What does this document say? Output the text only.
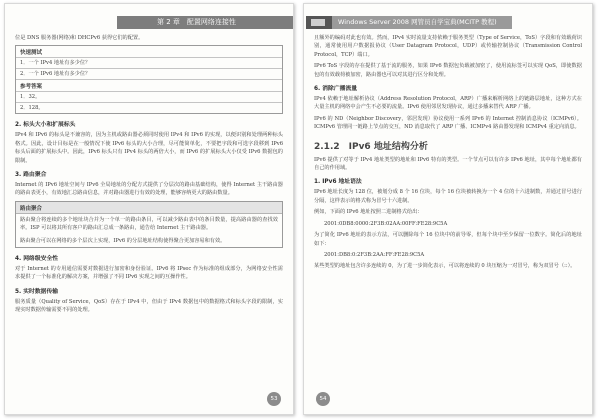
第 2 章　配置网络连接性

位是 DNS 服务器(网络)和 DHCPv6 获得它们的配置。

快速测试
1．一个 IPv4 地址有多少位？
2．一个 IPv6 地址有多少位？
参考答案
1．32。
2．128。
2. 标头大小和扩展标头

IPv4 和 IPv6 的标头是不兼容的，因为主机或路由器必须同时使用 IPv4 和 IPv6 的实现，以便识别和处理两种标头格式。因此，设计目标是在一般情况下使 IPv6 标头的大小合理，尽可能简单化，不要把字段和可选字段移到 IPv6 标头后面的扩展标头中。因此，IPv6 标头只有 IPv4 标头的两倍大小，而 IPv6 的扩展标头大小仅受 IPv6 数据包的限制。

3. 路由聚合

Internet 的 IPv6 地址空间与 IPv6 全局地址的分配方式提供了分层次的路由基础结构，使得 Internet 主干路由器的路由表更小，有效地汇总路由信息，并对路由器进行有效的处理，能够容纳更大的路由数量。

路由聚合
路由聚合将连续的多个地址块合并为一个单一的路由条目，可以减少路由表中的条目数量，提高路由器的查找效率。ISP 可以将其所有客户的路由汇总成一条路由，通告给 Internet 主干路由器。
路由聚合可以在网络的多个层次上实现，IPv6 的分层地址结构使得聚合更加容易和有效。
4. 网络级安全性

对于 Internet 的专用通信需要对数据进行加密和身份验证。IPv6 将 IPsec 作为标准的组成部分，为网络安全性需求提供了一个标准化的解决方案，并增强了不同 IPv6 实现之间的互操作性。

5. 实时数据传输

服务质量（Quality of Service，QoS）存在于 IPv4 中，但由于 IPv4 数据包中的数据格式和标头字段的限制，实现实时数据传输需要不同的处理。

53
Windows Server 2008 网管员自学宝典(MCITP 教程)

且额外的编码对此也有效。然而，IPv4 实时流量支持依赖于服务类型（Type of Service，ToS）字段和有效载荷识别，通常使用用户数据报协议（User Datagram Protocol，UDP）或传输控制协议（Transmission Control Protocol，TCP）端口。

IPv6 ToS 字段的存在提供了基于流的服务，如果 IPv6 数据包负载被加密了，使用流标签可以实现 QoS，即使数据包的有效载荷被加密，路由器也可以对其进行区分和处理。

6. 消除广播流量

IPv4 依赖于地址解析协议（Address Resolution Protocol，ARP）广播来解析网络上的链路层地址，这种方式在大量主机的网络中会产生不必要的流量。IPv6 使用邻居发现协议，通过多播来替代 ARP 广播。

IPv6 的 ND（Neighbor Discovery，邻居发现）协议使用一系列 IPv6 的 Internet 控制消息协议（ICMPv6）。ICMPv6 管理同一链路上节点的交互，ND 消息取代了 ARP 广播、ICMPv4 路由器发现和 ICMPv4 重定向消息。

2.1.2　IPv6 地址结构分析

IPv6 提供了对等于 IPv4 地址类型的地址和 IPv6 特有的类型。一个节点可以有许多 IPv6 地址，其中每个地址都有自己的作用域。

1. IPv6 地址语法

IPv6 地址长度为 128 位，被划分成 8 个 16 位块，每个 16 位块被转换为一个 4 位的十六进制数，并通过冒号进行分隔，这样表示的格式称为冒号十六进制。

例如，下面的 IPv6 地址按照二进制格式给出：

2001:0DB8:0000:2F3B:02AA:00FF:FE28:9C5A

为了简化 IPv6 地址的表示方法，可以删除每个 16 位块中的前导零，但每个块中至少保留一位数字。简化后的地址如下：

2001:DB8:0:2F3B:2AA:FF:FE28:9C5A

某些类型的地址包含许多连续的 0，为了进一步简化表示，可以将连续的 0 块压缩为一对冒号，称为双冒号（::）。

54
